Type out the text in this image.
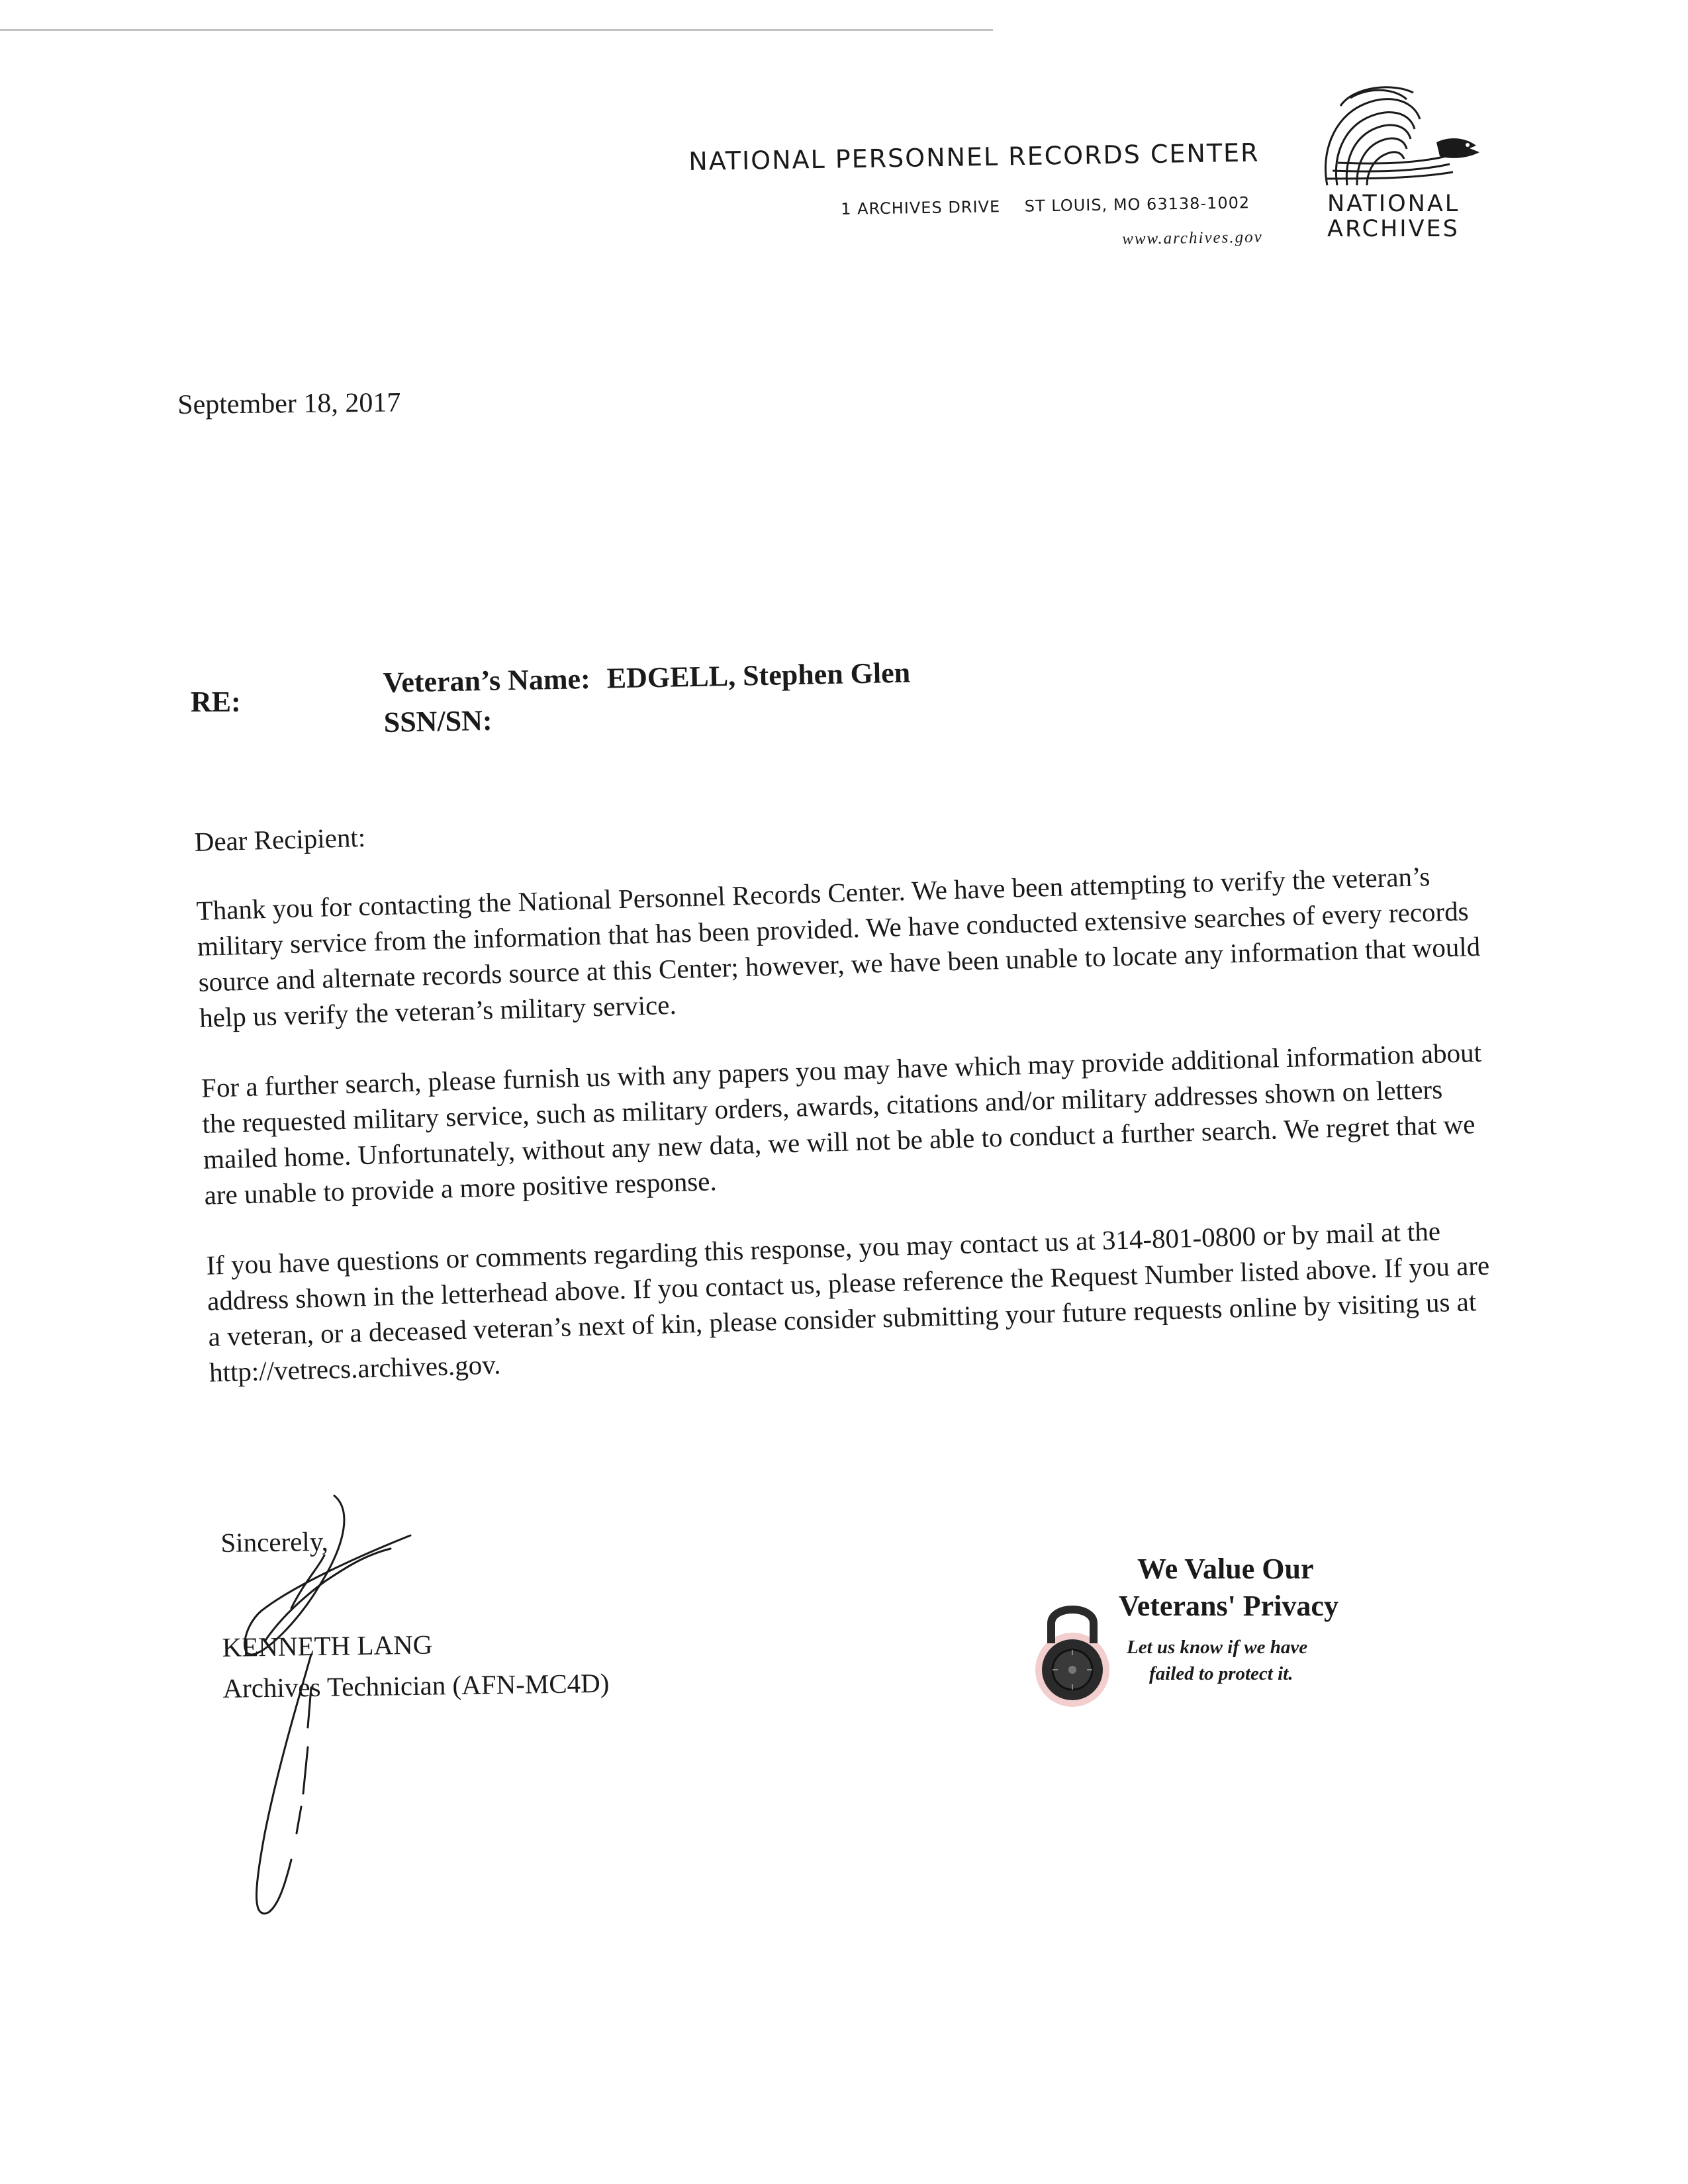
NATIONAL PERSONNEL RECORDS CENTER
1 ARCHIVES DRIVE ST LOUIS, MO 63138-1002
www.archives.gov
NATIONAL
ARCHIVES
September 18, 2017
RE:
Veteran’s Name: EDGELL, Stephen Glen
SSN/SN:

Dear Recipient:

Thank you for contacting the National Personnel Records Center. We have been attempting to verify the veteran’s military service from the information that has been provided. We have conducted extensive searches of every records source and alternate records source at this Center; however, we have been unable to locate any information that would help us verify the veteran’s military service.

For a further search, please furnish us with any papers you may have which may provide additional information about the requested military service, such as military orders, awards, citations and/or military addresses shown on letters mailed home. Unfortunately, without any new data, we will not be able to conduct a further search. We regret that we are unable to provide a more positive response.

If you have questions or comments regarding this response, you may contact us at 314-801-0800 or by mail at the address shown in the letterhead above. If you contact us, please reference the Request Number listed above. If you are a veteran, or a deceased veteran’s next of kin, please consider submitting your future requests online by visiting us at http://vetrecs.archives.gov.

Sincerely,
KENNETH LANG
Archives Technician (AFN-MC4D)
We Value Our
Veterans' Privacy
Let us know if we have
failed to protect it.
